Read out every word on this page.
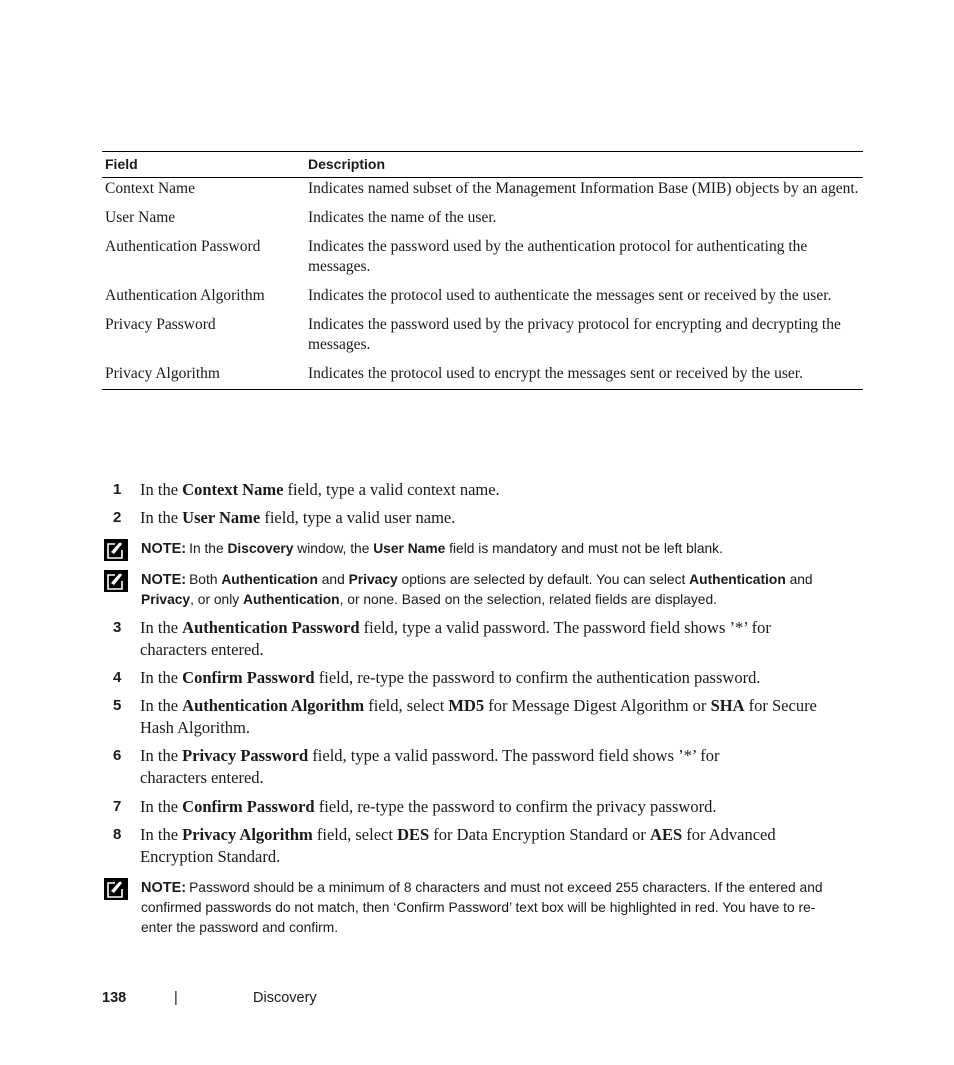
Field	Description
Context Name	Indicates named subset of the Management Information Base (MIB) objects by an agent.
User Name	Indicates the name of the user.
Authentication Password	Indicates the password used by the authentication protocol for authenticating the messages.
Authentication Algorithm	Indicates the protocol used to authenticate the messages sent or received by the user.
Privacy Password	Indicates the password used by the privacy protocol for encrypting and decrypting the messages.
Privacy Algorithm	Indicates the protocol used to encrypt the messages sent or received by the user.
1 In the Context Name field, type a valid context name.
2 In the User Name field, type a valid user name.
NOTE: In the Discovery window, the User Name field is mandatory and must not be left blank.
NOTE: Both Authentication and Privacy options are selected by default. You can select Authentication and
Privacy, or only Authentication, or none. Based on the selection, related fields are displayed.
3 In the Authentication Password field, type a valid password. The password field shows ’*’ for
characters entered.
4 In the Confirm Password field, re-type the password to confirm the authentication password.
5 In the Authentication Algorithm field, select MD5 for Message Digest Algorithm or SHA for Secure
Hash Algorithm.
6 In the Privacy Password field, type a valid password. The password field shows ’*’ for
characters entered.
7 In the Confirm Password field, re-type the password to confirm the privacy password.
8 In the Privacy Algorithm field, select DES for Data Encryption Standard or AES for Advanced
Encryption Standard.
NOTE: Password should be a minimum of 8 characters and must not exceed 255 characters. If the entered and
confirmed passwords do not match, then ‘Confirm Password’ text box will be highlighted in red. You have to re-
enter the password and confirm.
138	|	Discovery
